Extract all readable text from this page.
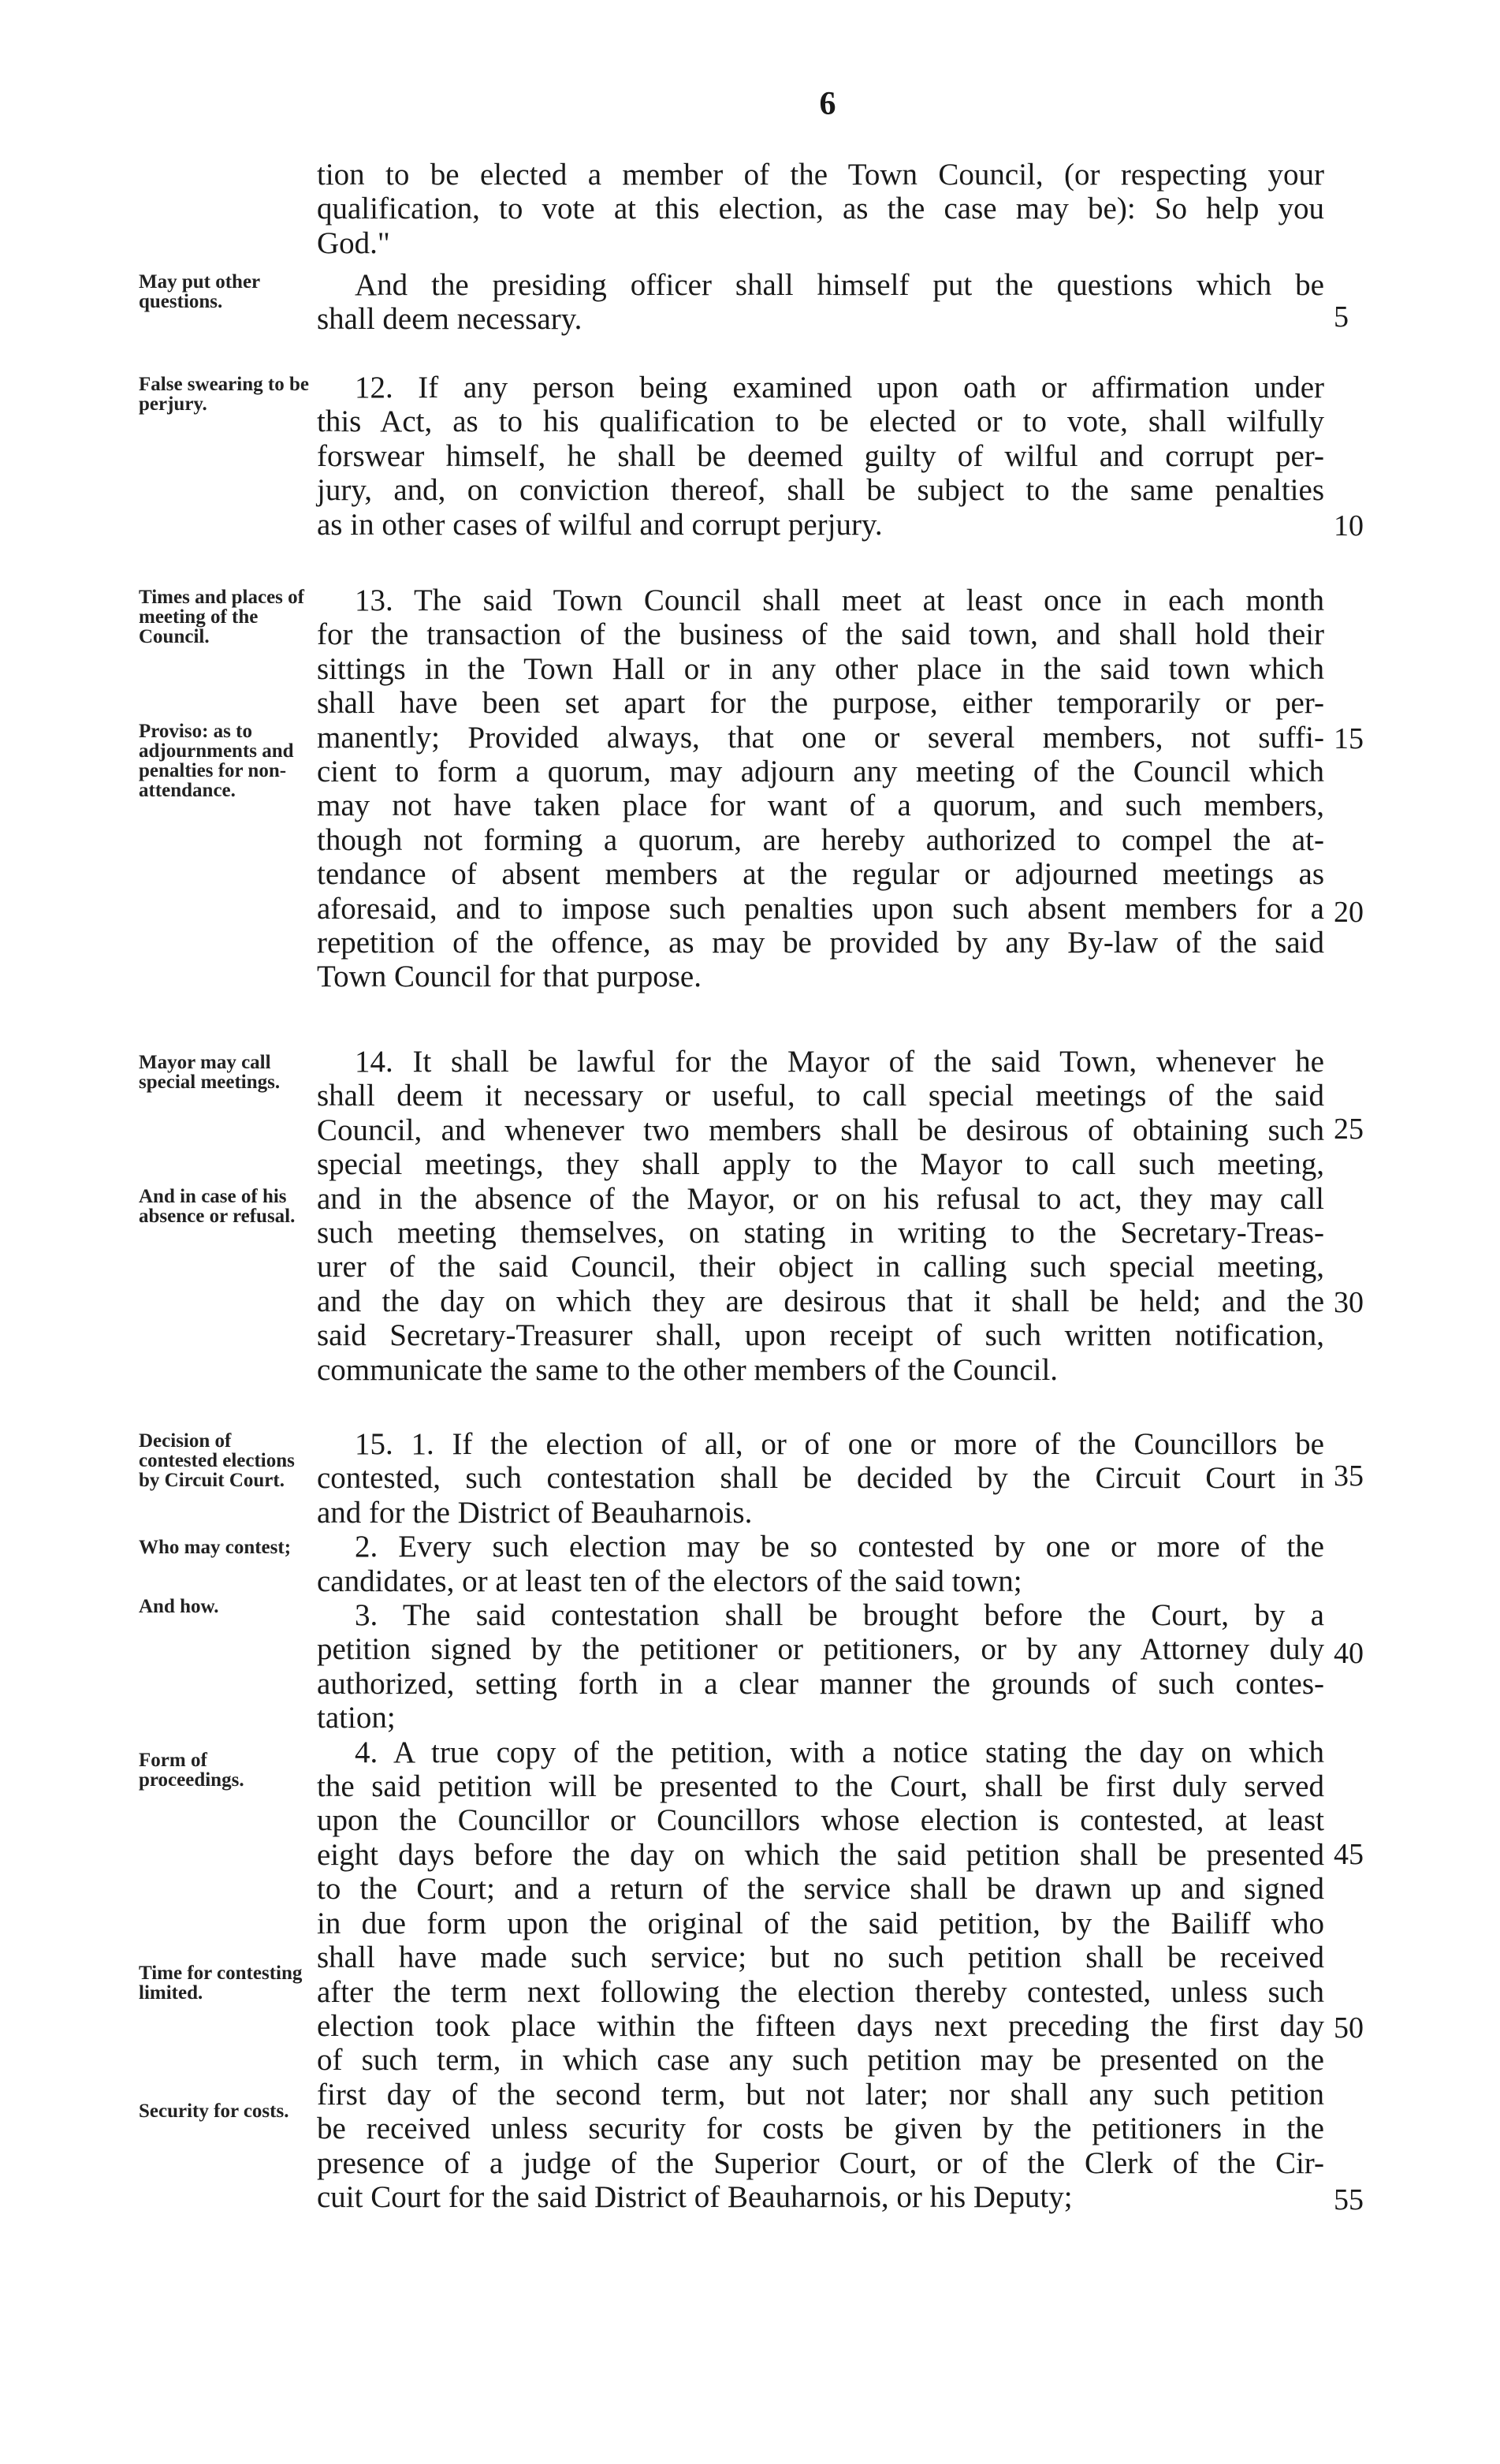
6
tion to be elected a member of the Town Council, (or respecting your
qualification, to vote at this election, as the case may be): So help you
God."
And the presiding officer shall himself put the questions which be
shall deem necessary.
12. If any person being examined upon oath or affirmation under
this Act, as to his qualification to be elected or to vote, shall wilfully
forswear himself, he shall be deemed guilty of wilful and corrupt per-
jury, and, on conviction thereof, shall be subject to the same penalties
as in other cases of wilful and corrupt perjury.
13. The said Town Council shall meet at least once in each month
for the transaction of the business of the said town, and shall hold their
sittings in the Town Hall or in any other place in the said town which
shall have been set apart for the purpose, either temporarily or per-
manently; Provided always, that one or several members, not suffi-
cient to form a quorum, may adjourn any meeting of the Council which
may not have taken place for want of a quorum, and such members,
though not forming a quorum, are hereby authorized to compel the at-
tendance of absent members at the regular or adjourned meetings as
aforesaid, and to impose such penalties upon such absent members for a
repetition of the offence, as may be provided by any By-law of the said
Town Council for that purpose.
14. It shall be lawful for the Mayor of the said Town, whenever he
shall deem it necessary or useful, to call special meetings of the said
Council, and whenever two members shall be desirous of obtaining such
special meetings, they shall apply to the Mayor to call such meeting,
and in the absence of the Mayor, or on his refusal to act, they may call
such meeting themselves, on stating in writing to the Secretary-Treas-
urer of the said Council, their object in calling such special meeting,
and the day on which they are desirous that it shall be held; and the
said Secretary-Treasurer shall, upon receipt of such written notification,
communicate the same to the other members of the Council.
15. 1. If the election of all, or of one or more of the Councillors be
contested, such contestation shall be decided by the Circuit Court in
and for the District of Beauharnois.
2. Every such election may be so contested by one or more of the
candidates, or at least ten of the electors of the said town;
3. The said contestation shall be brought before the Court, by a
petition signed by the petitioner or petitioners, or by any Attorney duly
authorized, setting forth in a clear manner the grounds of such contes-
tation;
4. A true copy of the petition, with a notice stating the day on which
the said petition will be presented to the Court, shall be first duly served
upon the Councillor or Councillors whose election is contested, at least
eight days before the day on which the said petition shall be presented
to the Court; and a return of the service shall be drawn up and signed
in due form upon the original of the said petition, by the Bailiff who
shall have made such service; but no such petition shall be received
after the term next following the election thereby contested, unless such
election took place within the fifteen days next preceding the first day
of such term, in which case any such petition may be presented on the
first day of the second term, but not later; nor shall any such petition
be received unless security for costs be given by the petitioners in the
presence of a judge of the Superior Court, or of the Clerk of the Cir-
cuit Court for the said District of Beauharnois, or his Deputy;
May put other questions.
False swearing to be perjury.
Times and places of meeting of the Council.
Proviso: as to adjournments and penalties for non-attendance.
Mayor may call special meetings.
And in case of his absence or refusal.
Decision of contested elections by Circuit Court.
Who may contest;
And how.
Form of proceedings.
Time for contesting limited.
Security for costs.
5
10
15
20
25
30
35
40
45
50
55
